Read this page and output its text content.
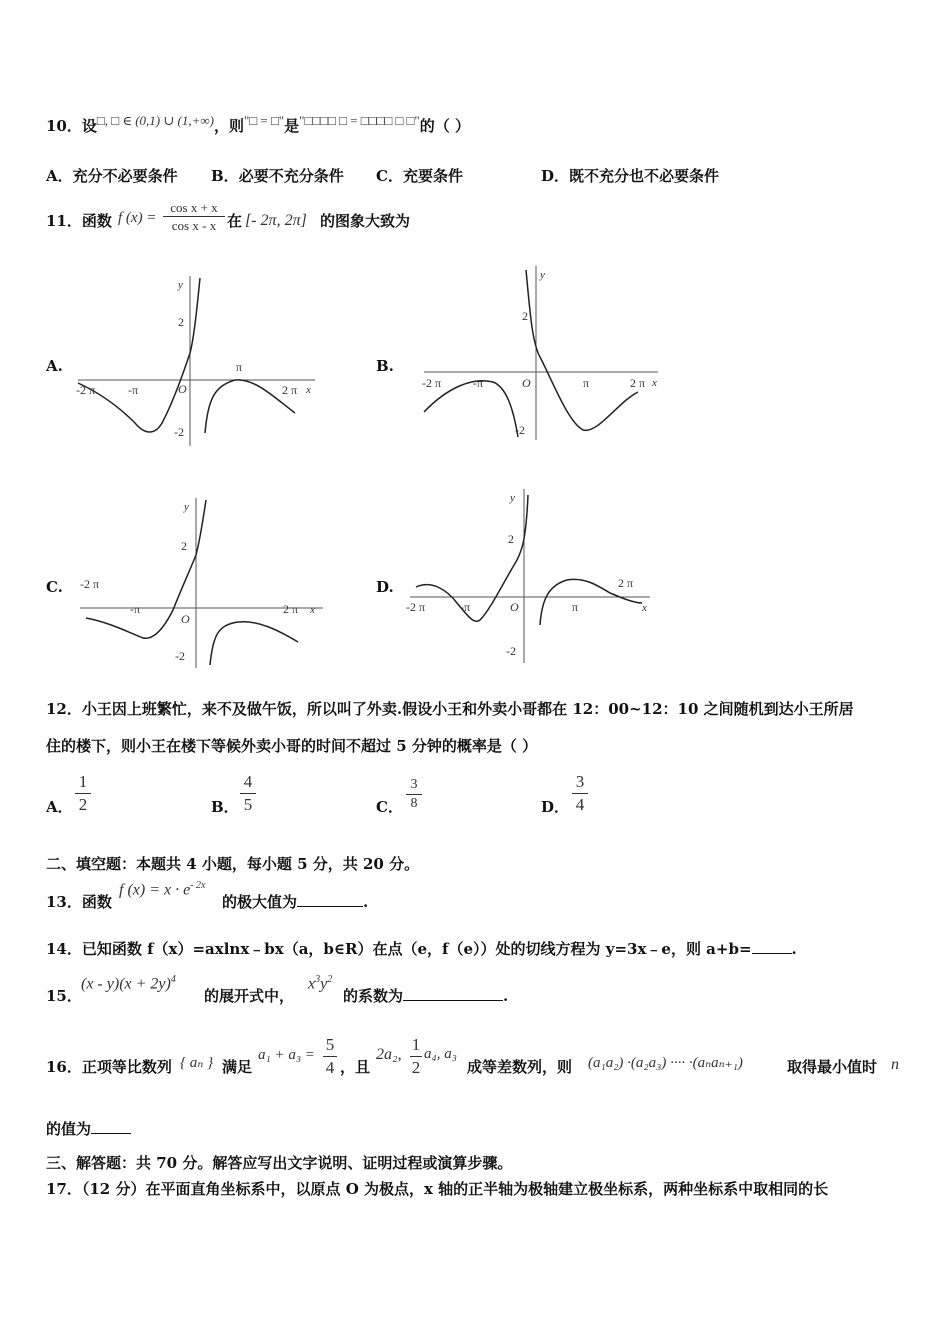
10．设□, □ ∈ (0,1) ∪ (1,+∞)，则"□ = □"是"□□□□ □ = □□□□ □ □"的（ ）
A．充分不必要条件 B．必要不充分条件 C．充要条件	D．既不充分也不必要条件
11．函数 f $(x) = \frac{\text{cos x + x}}{\text{cos x - x}}$ 在 [- 2π, 2π] 的图象大致为
A.
y
2
-2
O
π
-π	2 π x
-2 π
B.
y
2
-2
O	π
-π	2 π x
-2 π
C.
y
2
-2
O
-π	2 π x
-2 π	D.
y
2
-2
O	π
-π
2 π
x
-2 π
12．小王因上班繁忙，来不及做午饭，所以叫了外卖.假设小王和外卖小哥都在 12：00~12：10 之间随机到达小王所居
住的楼下，则小王在楼下等候外卖小哥的时间不超过 5 分钟的概率是（ ）
A． $\frac{1}{2}$	B． $\frac{4}{5}$	C． $\frac{3}{8}$	D． $\frac{3}{4}$
二、填空题：本题共 4 小题，每小题 5 分，共 20 分。
13．函数
f $(x) = x \cdot e^{- 2x}$
的极大值为	.
14．已知函数 f（x）=axlnx﹣bx（a，b∈R）在点（e，f（e））处的切线方程为 y=3x﹣e，则 a+b=	.
15．
$(x - y)(x + 2y)^4$
的展开式中，
$x^3y^2$
的系数为	.
16．正项等比数列 { aₙ } 满足
$a_1 + a_3 = \frac{5}{4}$ ，且
2a₂, $\frac{1}{2} a_4$, a₃
成等差数列，则 (a₁a₂) ·(a₂a₃) ···· ·(aₙaₙ₊₁)	取得最小值时 n
的值为
三、解答题：共 70 分。解答应写出文字说明、证明过程或演算步骤。
17．（12 分）在平面直角坐标系中，以原点 O 为极点，x 轴的正半轴为极轴建立极坐标系，两种坐标系中取相同的长
